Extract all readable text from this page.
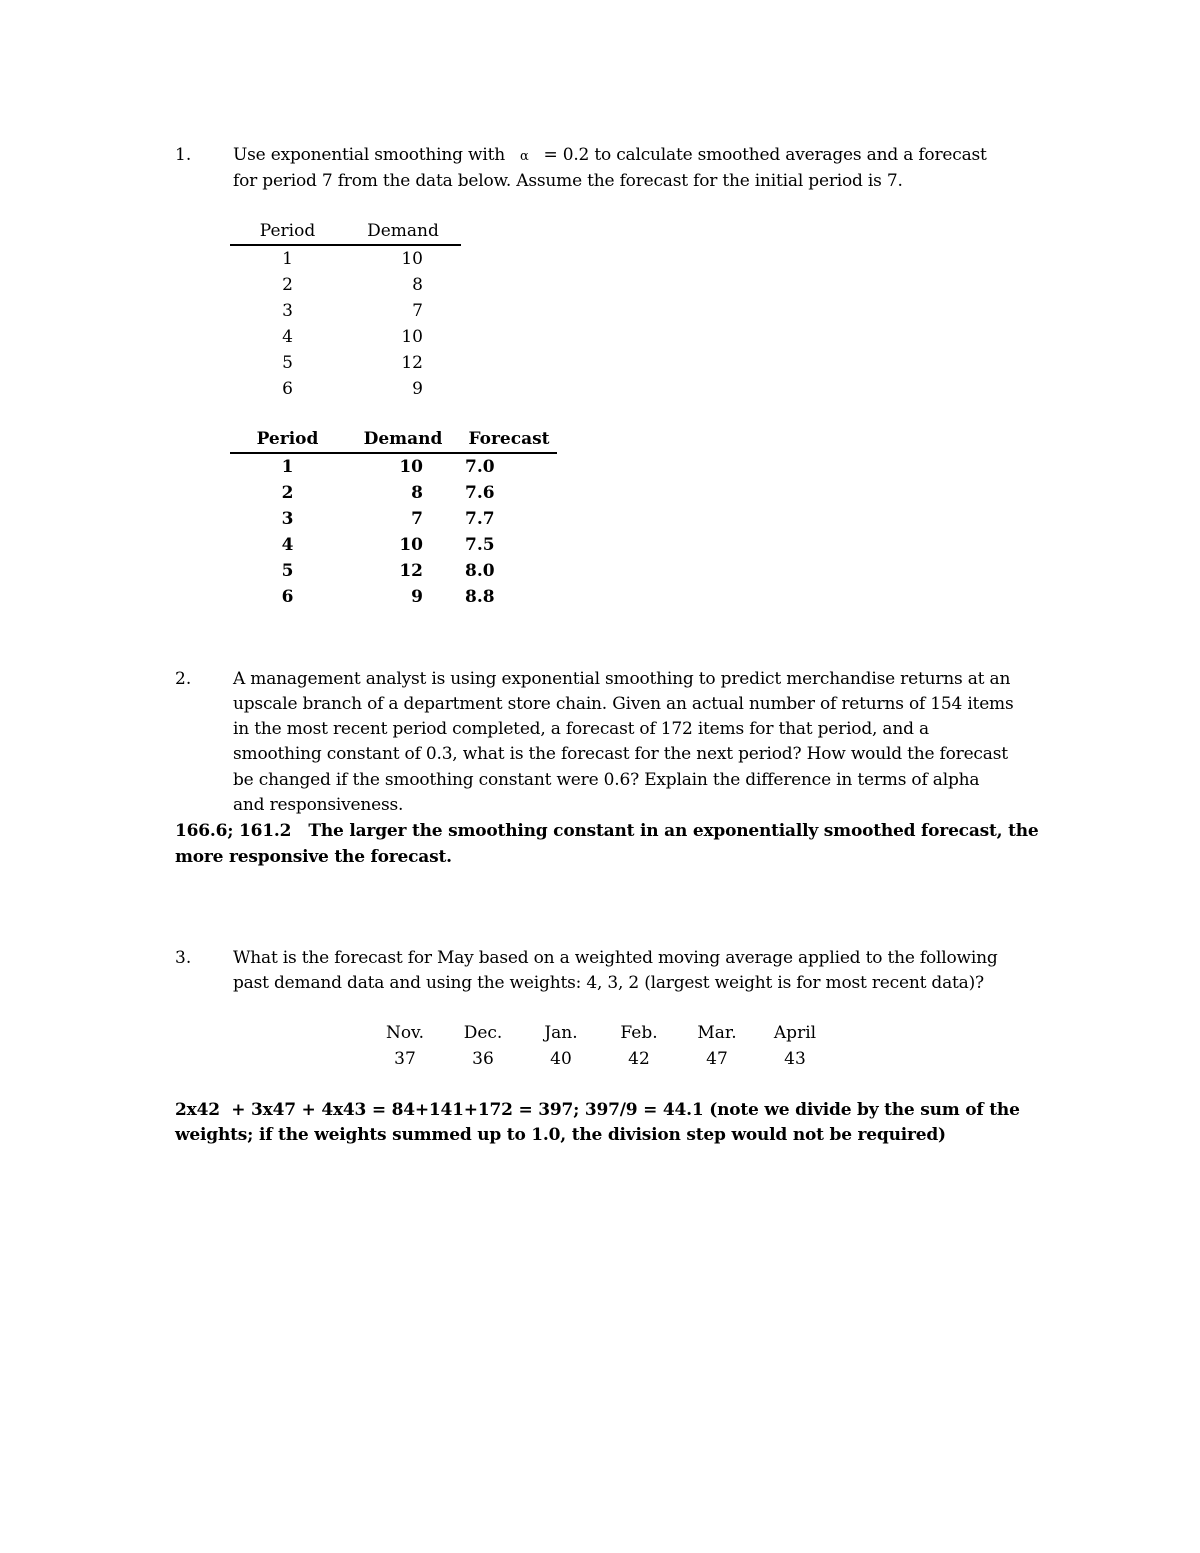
1. Use exponential smoothing with α = 0.2 to calculate smoothed averages and a forecast
for period 7 from the data below. Assume the forecast for the initial period is 7.
Period	Demand
1	10
2	8
3	7
4	10
5	12
6	9
Period	Demand	Forecast
1	10	7.0
2	8	7.6
3	7	7.7
4	10	7.5
5	12	8.0
6	9	8.8
2. A management analyst is using exponential smoothing to predict merchandise returns at an
upscale branch of a department store chain. Given an actual number of returns of 154 items
in the most recent period completed, a forecast of 172 items for that period, and a
smoothing constant of 0.3, what is the forecast for the next period? How would the forecast
be changed if the smoothing constant were 0.6? Explain the difference in terms of alpha
and responsiveness.
166.6; 161.2   The larger the smoothing constant in an exponentially smoothed forecast, the
more responsive the forecast.
3. What is the forecast for May based on a weighted moving average applied to the following
past demand data and using the weights: 4, 3, 2 (largest weight is for most recent data)?
Nov.	Dec.	Jan.	Feb.	Mar.	April
37	36	40	42	47	43
2x42  + 3x47 + 4x43 = 84+141+172 = 397; 397/9 = 44.1 (note we divide by the sum of the
weights; if the weights summed up to 1.0, the division step would not be required)
